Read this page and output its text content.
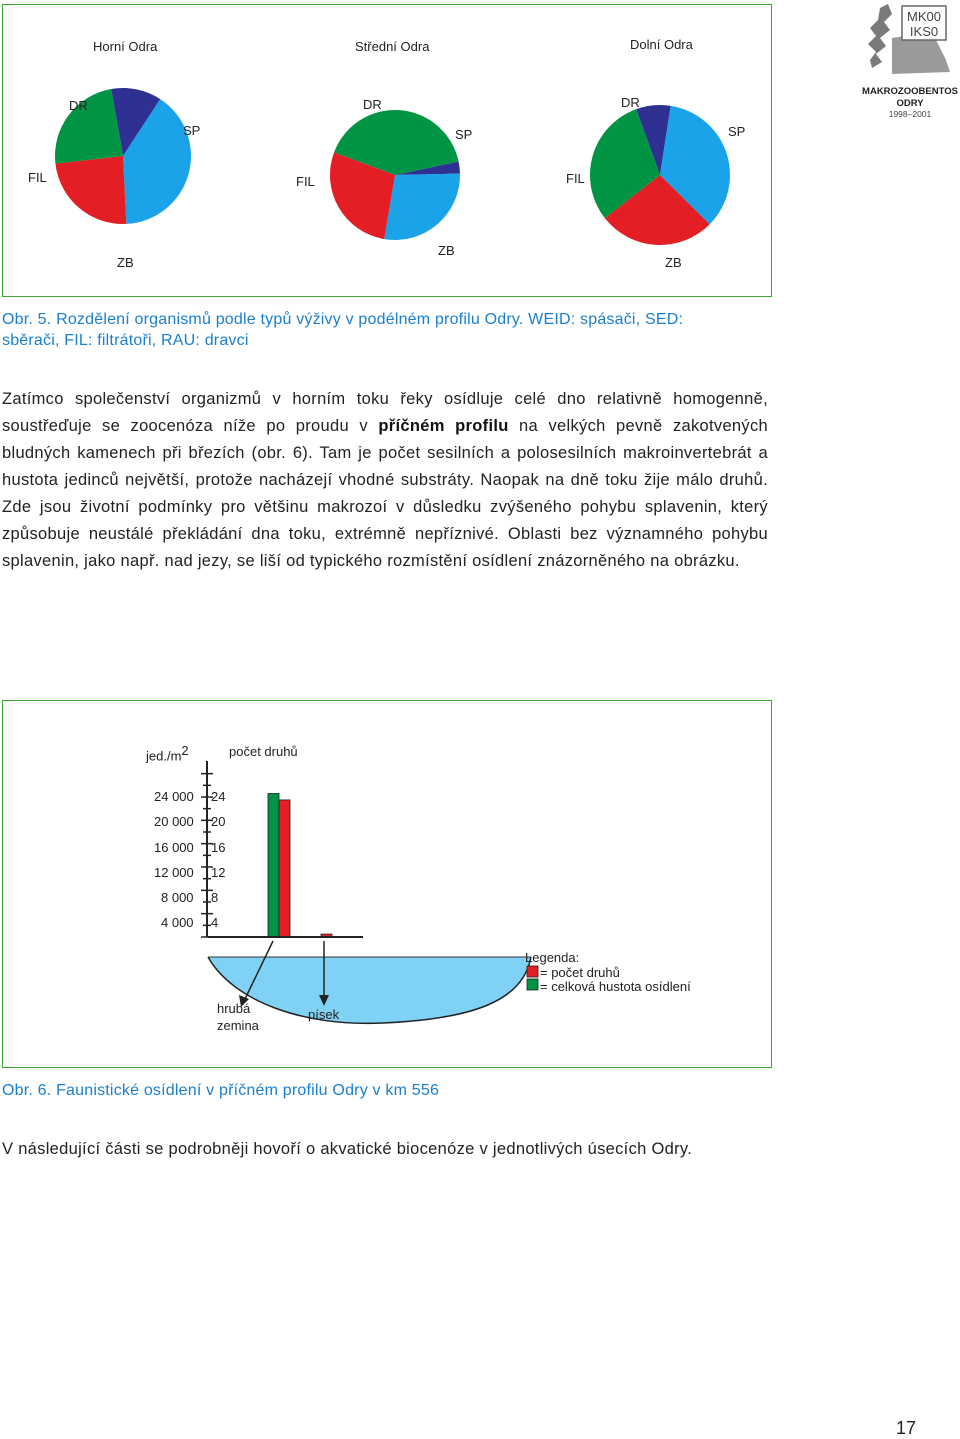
MK00
IKS0
MAKROZOOBENTOS
ODRY
1998–2001
Horní Odra	Střední Odra	Dolní Odra
DR
SP
FIL
ZB
DR
SP
FIL
ZB
DR
SP
FIL
ZB
Obr. 5. Rozdělení organismů podle typů výživy v podélném profilu Odry. WEID: spásači, SED:
sběrači, FIL: filtrátoři, RAU: dravci

Zatímco společenství organizmů v horním toku řeky osídluje celé dno relativně homogenně, soustřeďuje se zoocenóza níže po proudu v příčném profilu na velkých pevně zakotvených bludných kamenech při březích (obr. 6). Tam je počet sesilních a polosesilních makroinvertebrát a hustota jedinců největší, protože nacházejí vhodné substráty. Naopak na dně toku žije málo druhů. Zde jsou životní podmínky pro většinu makrozoí v důsledku zvýšeného pohybu splavenin, který způsobuje neustálé překládání dna toku, extrémně nepříznivé. Oblasti bez významného pohybu splavenin, jako např. nad jezy, se liší od typického rozmístění osídlení znázorněného na obrázku.

$jed./m^2$	počet druhů
24 000
20 000
16 000
12 000
8 000
4 000
24
20
16
12
8
4
hrubá
zemina
písek
Legenda:
= počet druhů
= celková hustota osídlení
Obr. 6. Faunistické osídlení v příčném profilu Odry v km 556

V následující části se podrobněji hovoří o akvatické biocenóze v jednotlivých úsecích Odry.

17
